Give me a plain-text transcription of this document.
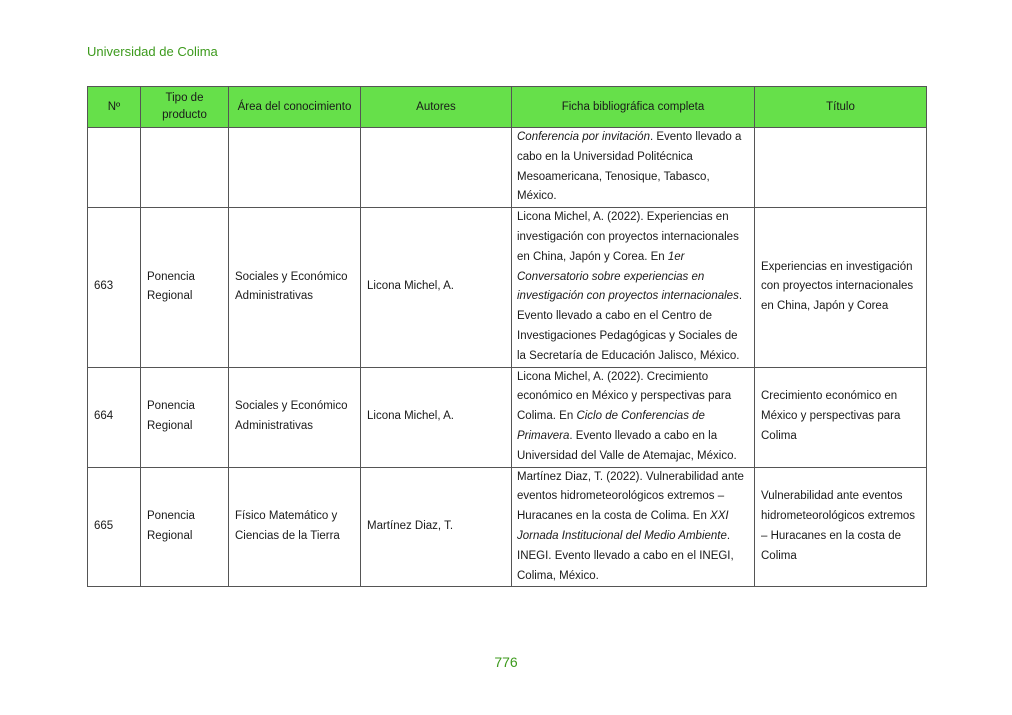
Universidad de Colima
Nº	Tipo de producto	Área del conocimiento	Autores	Ficha bibliográfica completa	Título
				Conferencia por invitación. Evento llevado a cabo en la Universidad Politécnica Mesoamericana, Tenosique, Tabasco, México.	
663	Ponencia Regional	Sociales y Económico Administrativas	Licona Michel, A.	Licona Michel, A. (2022). Experiencias en investigación con proyectos internacionales en China, Japón y Corea. En 1er Conversatorio sobre experiencias en investigación con proyectos internacionales. Evento llevado a cabo en el Centro de Investigaciones Pedagógicas y Sociales de la Secretaría de Educación Jalisco, México.	Experiencias en investigación con proyectos internacionales en China, Japón y Corea
664	Ponencia Regional	Sociales y Económico Administrativas	Licona Michel, A.	Licona Michel, A. (2022). Crecimiento económico en México y perspectivas para Colima. En Ciclo de Conferencias de Primavera. Evento llevado a cabo en la Universidad del Valle de Atemajac, México.	Crecimiento económico en México y perspectivas para Colima
665	Ponencia Regional	Físico Matemático y Ciencias de la Tierra	Martínez Diaz, T.	Martínez Diaz, T. (2022). Vulnerabilidad ante eventos hidrometeorológicos extremos – Huracanes en la costa de Colima. En XXI Jornada Institucional del Medio Ambiente. INEGI. Evento llevado a cabo en el INEGI, Colima, México.	Vulnerabilidad ante eventos hidrometeorológicos extremos – Huracanes en la costa de Colima
776
